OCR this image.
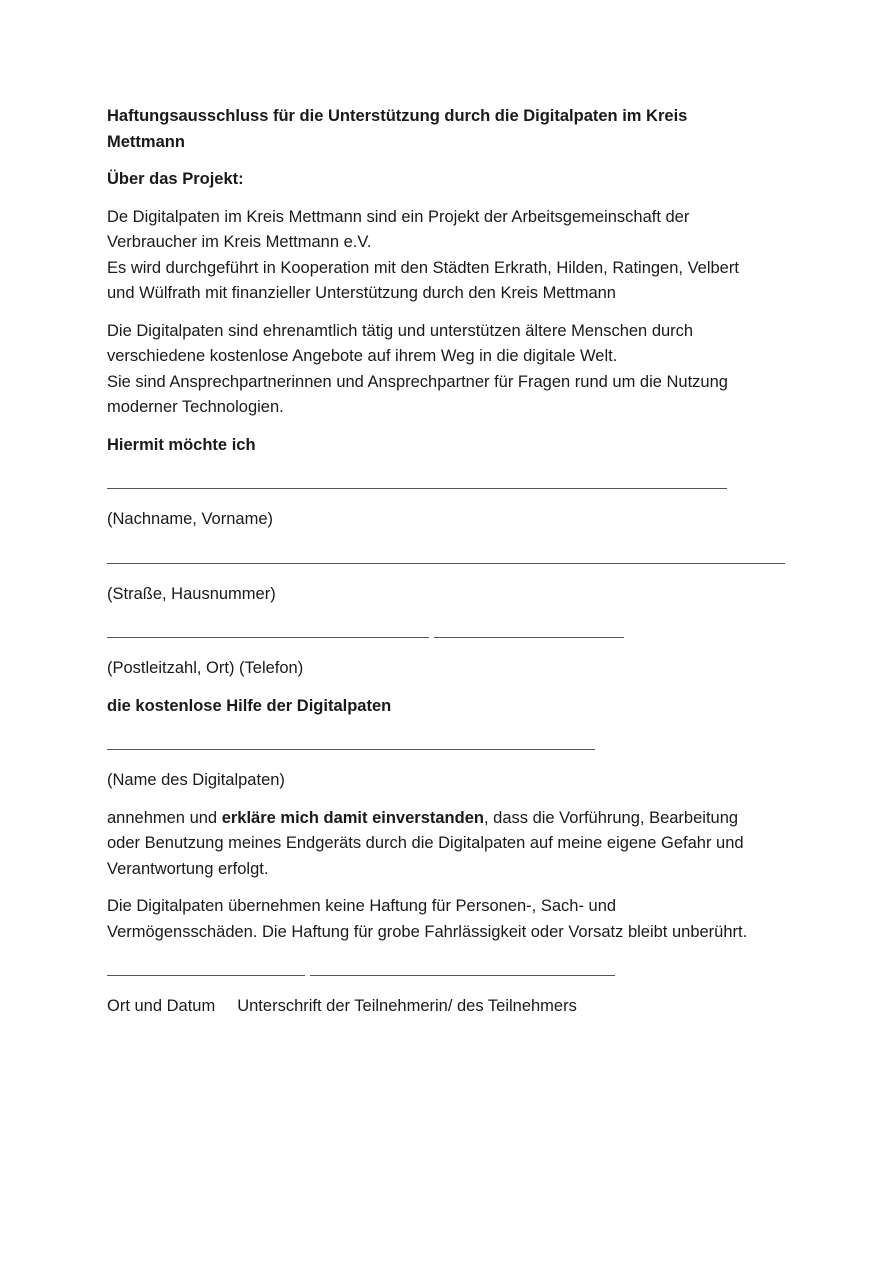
Haftungsausschluss für die Unterstützung durch die Digitalpaten im Kreis
Mettmann
Über das Projekt:
De Digitalpaten im Kreis Mettmann sind ein Projekt der Arbeitsgemeinschaft der
Verbraucher im Kreis Mettmann e.V.
Es wird durchgeführt in Kooperation mit den Städten Erkrath, Hilden, Ratingen, Velbert
und Wülfrath mit finanzieller Unterstützung durch den Kreis Mettmann
Die Digitalpaten sind ehrenamtlich tätig und unterstützen ältere Menschen durch
verschiedene kostenlose Angebote auf ihrem Weg in die digitale Welt.
Sie sind Ansprechpartnerinnen und Ansprechpartner für Fragen rund um die Nutzung
moderner Technologien.
Hiermit möchte ich
(Nachname, Vorname)
(Straße, Hausnummer)
(Postleitzahl, Ort) (Telefon)
die kostenlose Hilfe der Digitalpaten
(Name des Digitalpaten)
annehmen und erkläre mich damit einverstanden, dass die Vorführung, Bearbeitung
oder Benutzung meines Endgeräts durch die Digitalpaten auf meine eigene Gefahr und
Verantwortung erfolgt.
Die Digitalpaten übernehmen keine Haftung für Personen-, Sach- und
Vermögensschäden. Die Haftung für grobe Fahrlässigkeit oder Vorsatz bleibt unberührt.
Ort und Datum Unterschrift der Teilnehmerin/ des Teilnehmers
